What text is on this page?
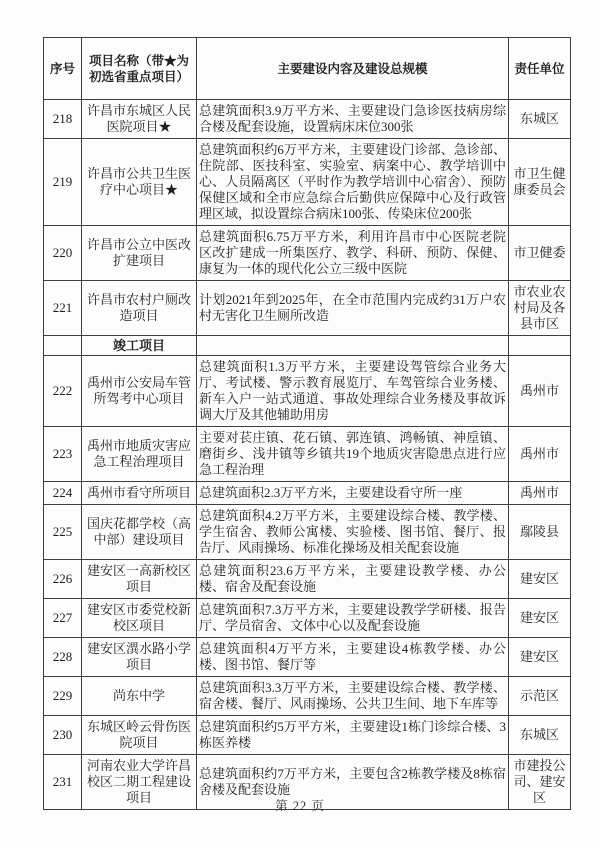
序号	项目名称（带★为初选省重点项目）	主要建设内容及建设总规模	责任单位
218	许昌市东城区人民医院项目★	总建筑面积3.9万平方米、主要建设门急诊医技病房综合楼及配套设施，设置病床床位300张	东城区
219	许昌市公共卫生医疗中心项目★	总建筑面积约6万平方米，主要建设门诊部、急诊部、住院部、医技科室、实验室、病案中心、教学培训中心、人员隔离区（平时作为教学培训中心宿舍）、预防保健区域和全市应急综合后勤供应保障中心及行政管理区域，拟设置综合病床100张、传染床位200张	市卫生健康委员会
220	许昌市公立中医改扩建项目	总建筑面积6.75万平方米，利用许昌市中心医院老院区改扩建成一所集医疗、教学、科研、预防、保健、康复为一体的现代化公立三级中医院	市卫健委
221	许昌市农村户厕改造项目	计划2021年到2025年，在全市范围内完成约31万户农村无害化卫生厕所改造	市农业农村局及各县市区
	竣工项目		
222	禹州市公安局车管所驾考中心项目	总建筑面积1.3万平方米，主要建设驾管综合业务大厅、考试楼、警示教育展览厅、车驾管综合业务楼、新车入户一站式通道、事故处理综合业务楼及事故诉调大厅及其他辅助用房	禹州市
223	禹州市地质灾害应急工程治理项目	主要对苌庄镇、花石镇、郭连镇、鸿畅镇、神垕镇、磨街乡、浅井镇等乡镇共19个地质灾害隐患点进行应急工程治理	禹州市
224	禹州市看守所项目	总建筑面积2.3万平方米，主要建设看守所一座	禹州市
225	国庆花都学校（高中部）建设项目	总建筑面积4.2万平方米，主要建设综合楼、教学楼、学生宿舍、教师公寓楼、实验楼、图书馆、餐厅、报告厅、风雨操场、标准化操场及相关配套设施	鄢陵县
226	建安区一高新校区项目	总建筑面积23.6万平方米，主要建设教学楼、办公楼、宿舍及配套设施	建安区
227	建安区市委党校新校区项目	总建筑面积7.3万平方米，主要建设教学学研楼、报告厅、学员宿舍、文体中心以及配套设施	建安区
228	建安区潩水路小学项目	总建筑面积4万平方米，主要建设4栋教学楼、办公楼、图书馆、餐厅等	建安区
229	尚东中学	总建筑面积3.3万平方米，主要建设综合楼、教学楼、宿舍楼、餐厅、风雨操场、公共卫生间、地下车库等	示范区
230	东城区岭云骨伤医院项目	总建筑面积约5万平方米，主要建设1栋门诊综合楼、3栋医养楼	东城区
231	河南农业大学许昌校区二期工程建设项目	总建筑面积约7万平方米，主要包含2栋教学楼及8栋宿舍楼及配套设施	市建投公司、建安区
第 22 页
